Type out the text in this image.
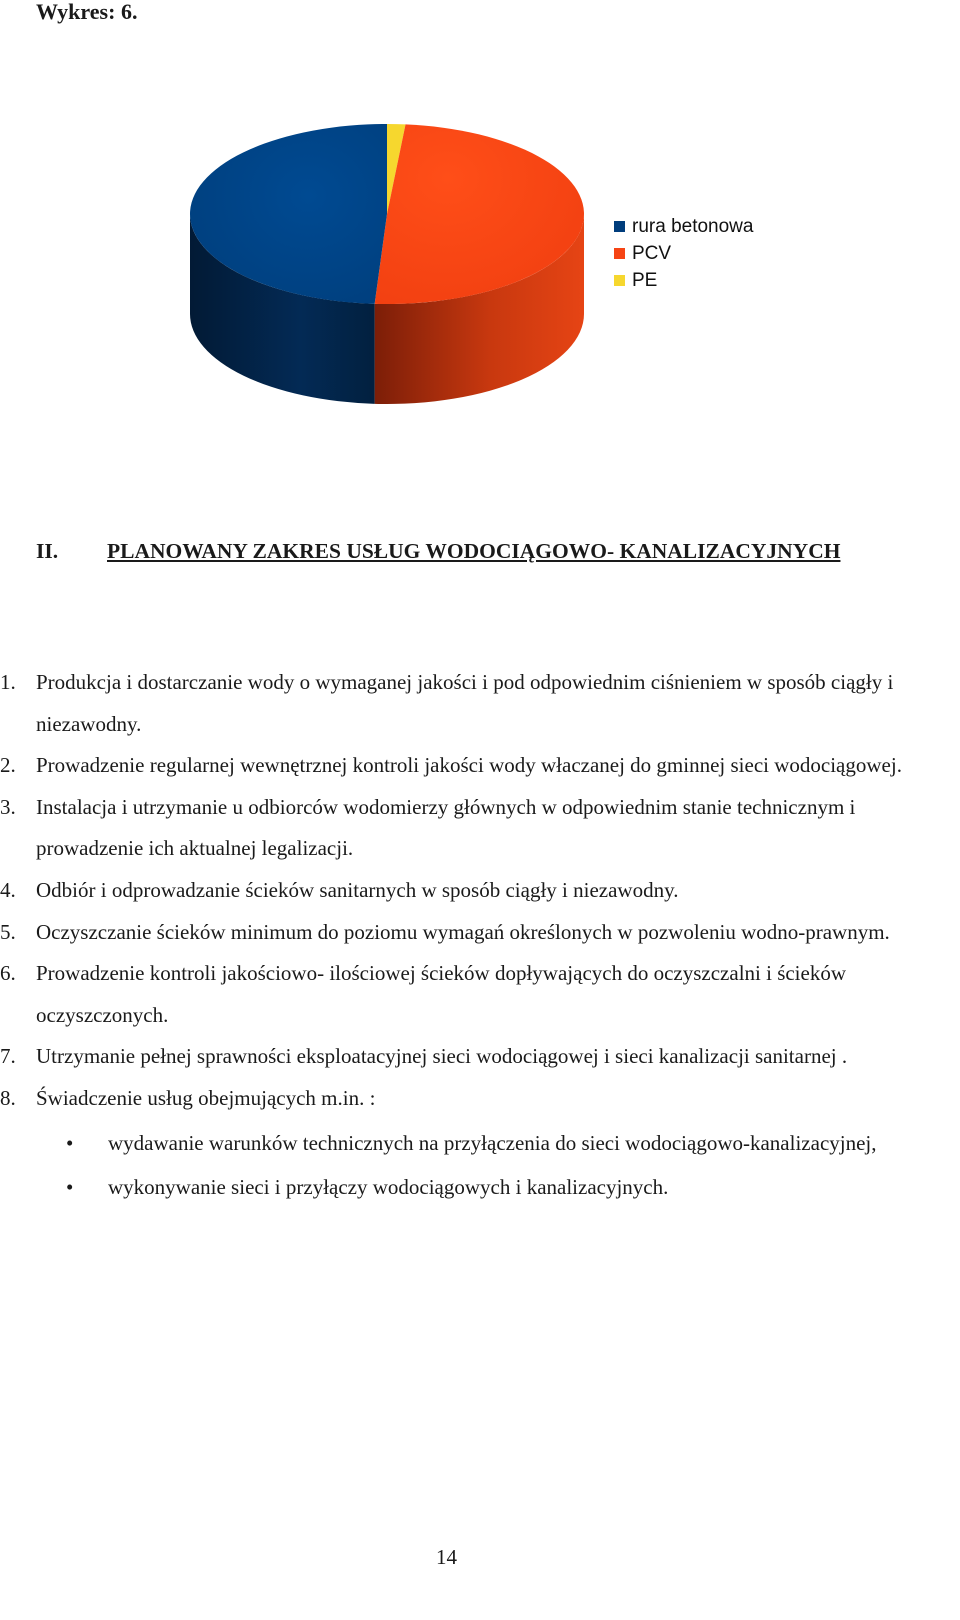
Wykres: 6.
rura betonowa
PCV
PE
II. PLANOWANY ZAKRES USŁUG WODOCIĄGOWO- KANALIZACYJNYCH
1. Produkcja i dostarczanie wody o wymaganej jakości i pod odpowiednim ciśnieniem w sposób ciągły i niezawodny.
2. Prowadzenie regularnej wewnętrznej kontroli jakości wody właczanej do gminnej sieci wodociągowej.
3. Instalacja i utrzymanie u odbiorców wodomierzy głównych w odpowiednim stanie technicznym i prowadzenie ich aktualnej legalizacji.
4. Odbiór i odprowadzanie ścieków sanitarnych w sposób ciągły i niezawodny.
5. Oczyszczanie ścieków minimum do poziomu wymagań określonych w pozwoleniu wodno-prawnym.
6. Prowadzenie kontroli jakościowo- ilościowej ścieków dopływających do oczyszczalni i ścieków oczyszczonych.
7. Utrzymanie pełnej sprawności eksploatacyjnej sieci wodociągowej i sieci kanalizacji sanitarnej .
8. Świadczenie usług obejmujących m.in. :
• wydawanie warunków technicznych na przyłączenia do sieci wodociągowo-kanalizacyjnej,
• wykonywanie sieci i przyłączy wodociągowych i kanalizacyjnych.
14
